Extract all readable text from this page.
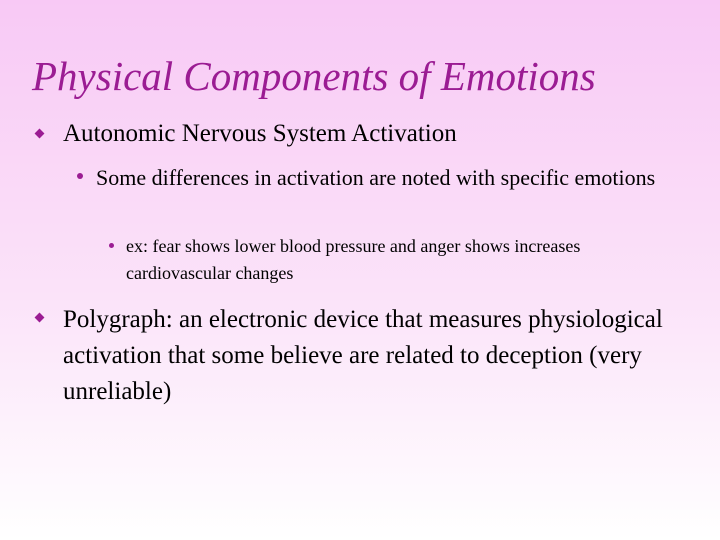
Physical Components of Emotions
Autonomic Nervous System Activation
Some differences in activation are noted with specific emotions
ex: fear shows lower blood pressure and anger shows increases cardiovascular changes
Polygraph: an electronic device that measures physiological activation that some believe are related to deception (very unreliable)
